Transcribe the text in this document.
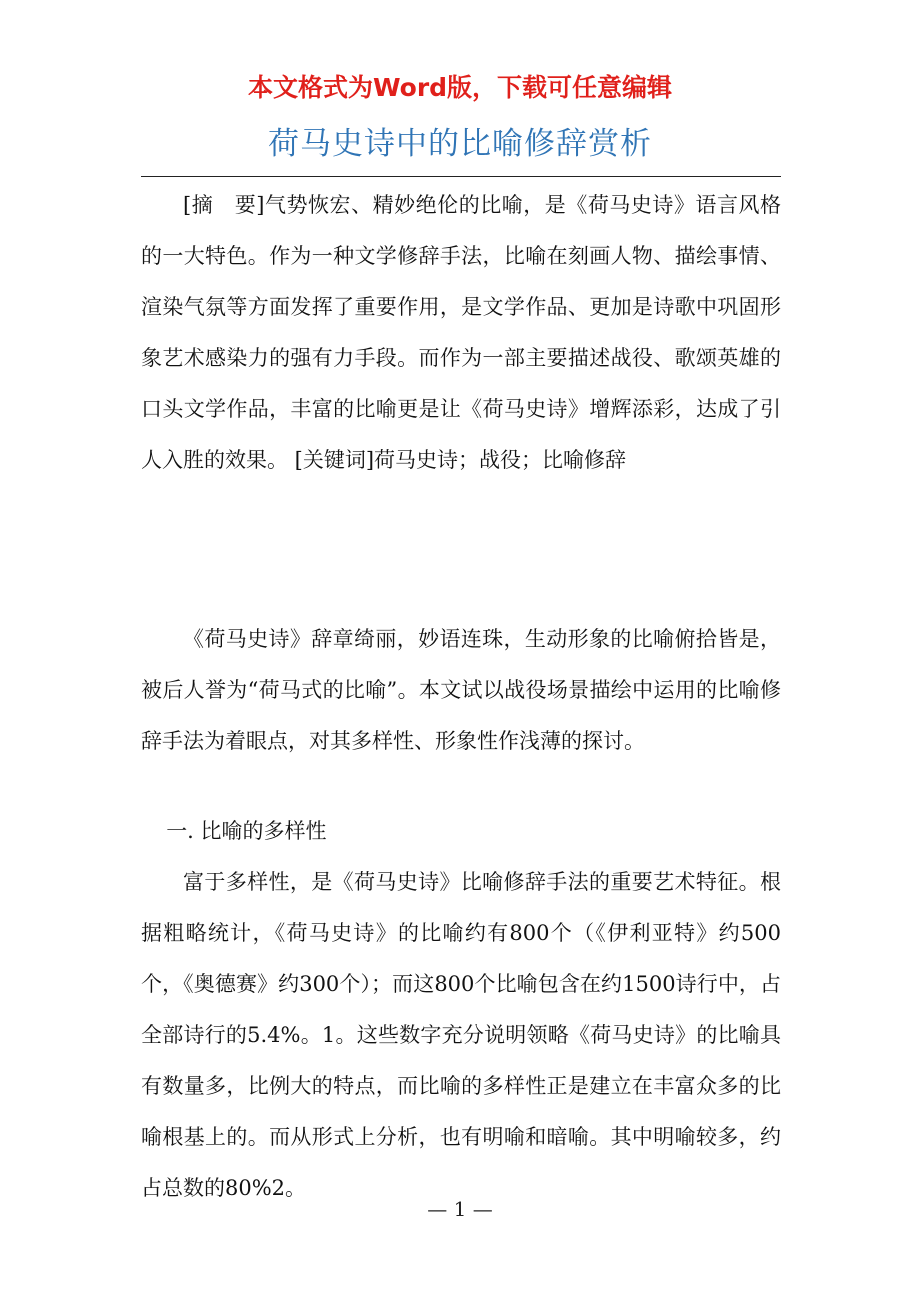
本文格式为Word版，下载可任意编辑
荷马史诗中的比喻修辞赏析

[摘　要]气势恢宏、精妙绝伦的比喻，是《荷马史诗》语言风格的一大特色。作为一种文学修辞手法，比喻在刻画人物、描绘事情、渲染气氛等方面发挥了重要作用，是文学作品、更加是诗歌中巩固形象艺术感染力的强有力手段。而作为一部主要描述战役、歌颂英雄的口头文学作品，丰富的比喻更是让《荷马史诗》增辉添彩，达成了引人入胜的效果。 [关键词]荷马史诗；战役；比喻修辞

《荷马史诗》辞章绮丽，妙语连珠，生动形象的比喻俯拾皆是，被后人誉为“荷马式的比喻”。本文试以战役场景描绘中运用的比喻修辞手法为着眼点，对其多样性、形象性作浅薄的探讨。

一. 比喻的多样性

富于多样性，是《荷马史诗》比喻修辞手法的重要艺术特征。根据粗略统计，《荷马史诗》的比喻约有800个（《伊利亚特》约500个，《奥德赛》约300个）；而这800个比喻包含在约1500诗行中，占全部诗行的5.4%。1。这些数字充分说明领略《荷马史诗》的比喻具有数量多，比例大的特点，而比喻的多样性正是建立在丰富众多的比喻根基上的。而从形式上分析，也有明喻和暗喻。其中明喻较多，约占总数的80%2。

— 1 —
